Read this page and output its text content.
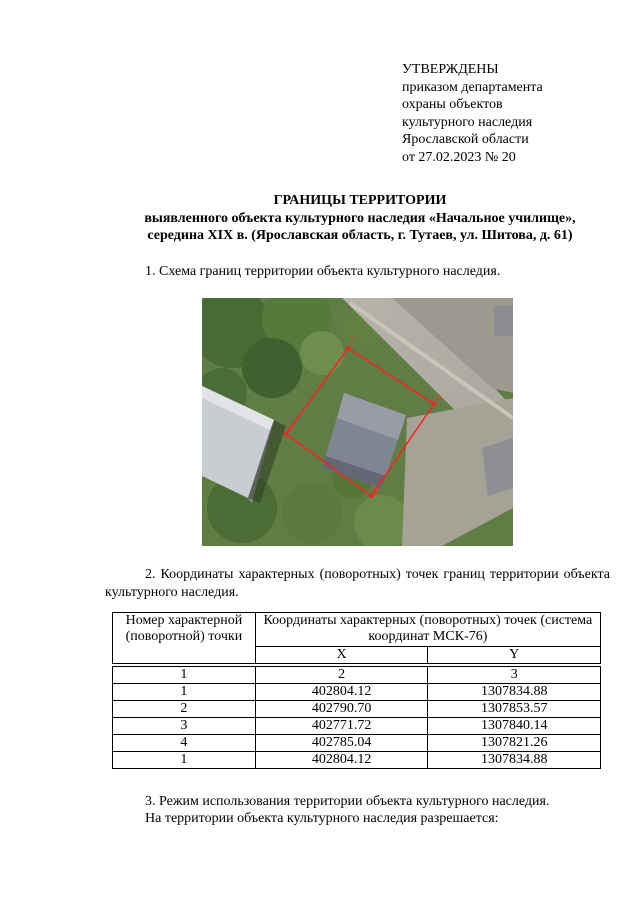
УТВЕРЖДЕНЫ
приказом департамента
охраны объектов
культурного наследия
Ярославской области
от 27.02.2023 № 20
ГРАНИЦЫ ТЕРРИТОРИИ
выявленного объекта культурного наследия «Начальное училище»,
середина XIX в. (Ярославская область, г. Тутаев, ул. Шитова, д. 61)
1. Схема границ территории объекта культурного наследия.
1
2
3
4
2. Координаты характерных (поворотных) точек границ территории объекта культурного наследия.
Номер характерной (поворотной) точки	Координаты характерных (поворотных) точек (система координат МСК-76)	
	X	Y

1	2	3
1	402804.12	1307834.88
2	402790.70	1307853.57
3	402771.72	1307840.14
4	402785.04	1307821.26
1	402804.12	1307834.88
3. Режим использования территории объекта культурного наследия.
На территории объекта культурного наследия разрешается:
